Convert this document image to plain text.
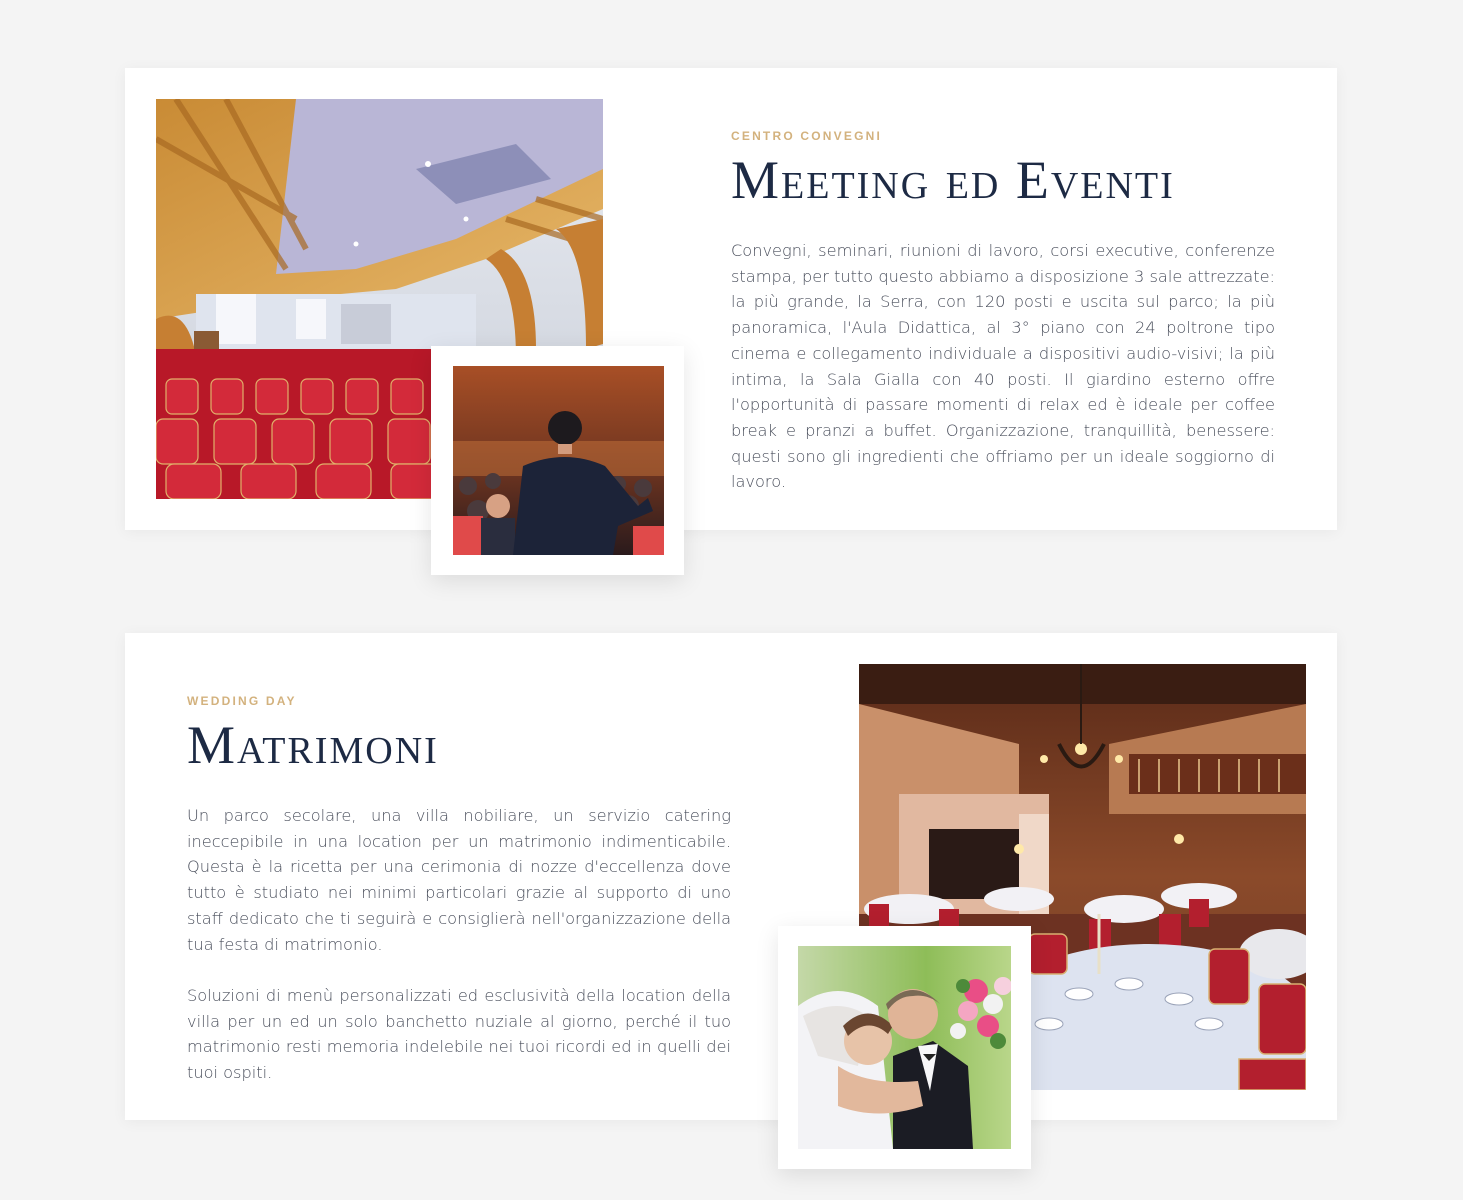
CENTRO CONVEGNI
Meeting ed Eventi

Convegni, seminari, riunioni di lavoro, corsi executive, conferenze stampa, per tutto questo abbiamo a disposizione 3 sale attrezzate: la più grande, la Serra, con 120 posti e uscita sul parco; la più panoramica, l'Aula Didattica, al 3° piano con 24 poltrone tipo cinema e collegamento individuale a dispositivi audio-visivi; la più intima, la Sala Gialla con 40 posti. Il giardino esterno offre l'opportunità di passare momenti di relax ed è ideale per coffee break e pranzi a buffet. Organizzazione, tranquillità, benessere: questi sono gli ingredienti che offriamo per un ideale soggiorno di lavoro.

WEDDING DAY
Matrimoni

Un parco secolare, una villa nobiliare, un servizio catering ineccepibile in una location per un matrimonio indimenticabile. Questa è la ricetta per una cerimonia di nozze d'eccellenza dove tutto è studiato nei minimi particolari grazie al supporto di uno staff dedicato che ti seguirà e consiglierà nell'organizzazione della tua festa di matrimonio.

Soluzioni di menù personalizzati ed esclusività della location della villa per un ed un solo banchetto nuziale al giorno, perché il tuo matrimonio resti memoria indelebile nei tuoi ricordi ed in quelli dei tuoi ospiti.
